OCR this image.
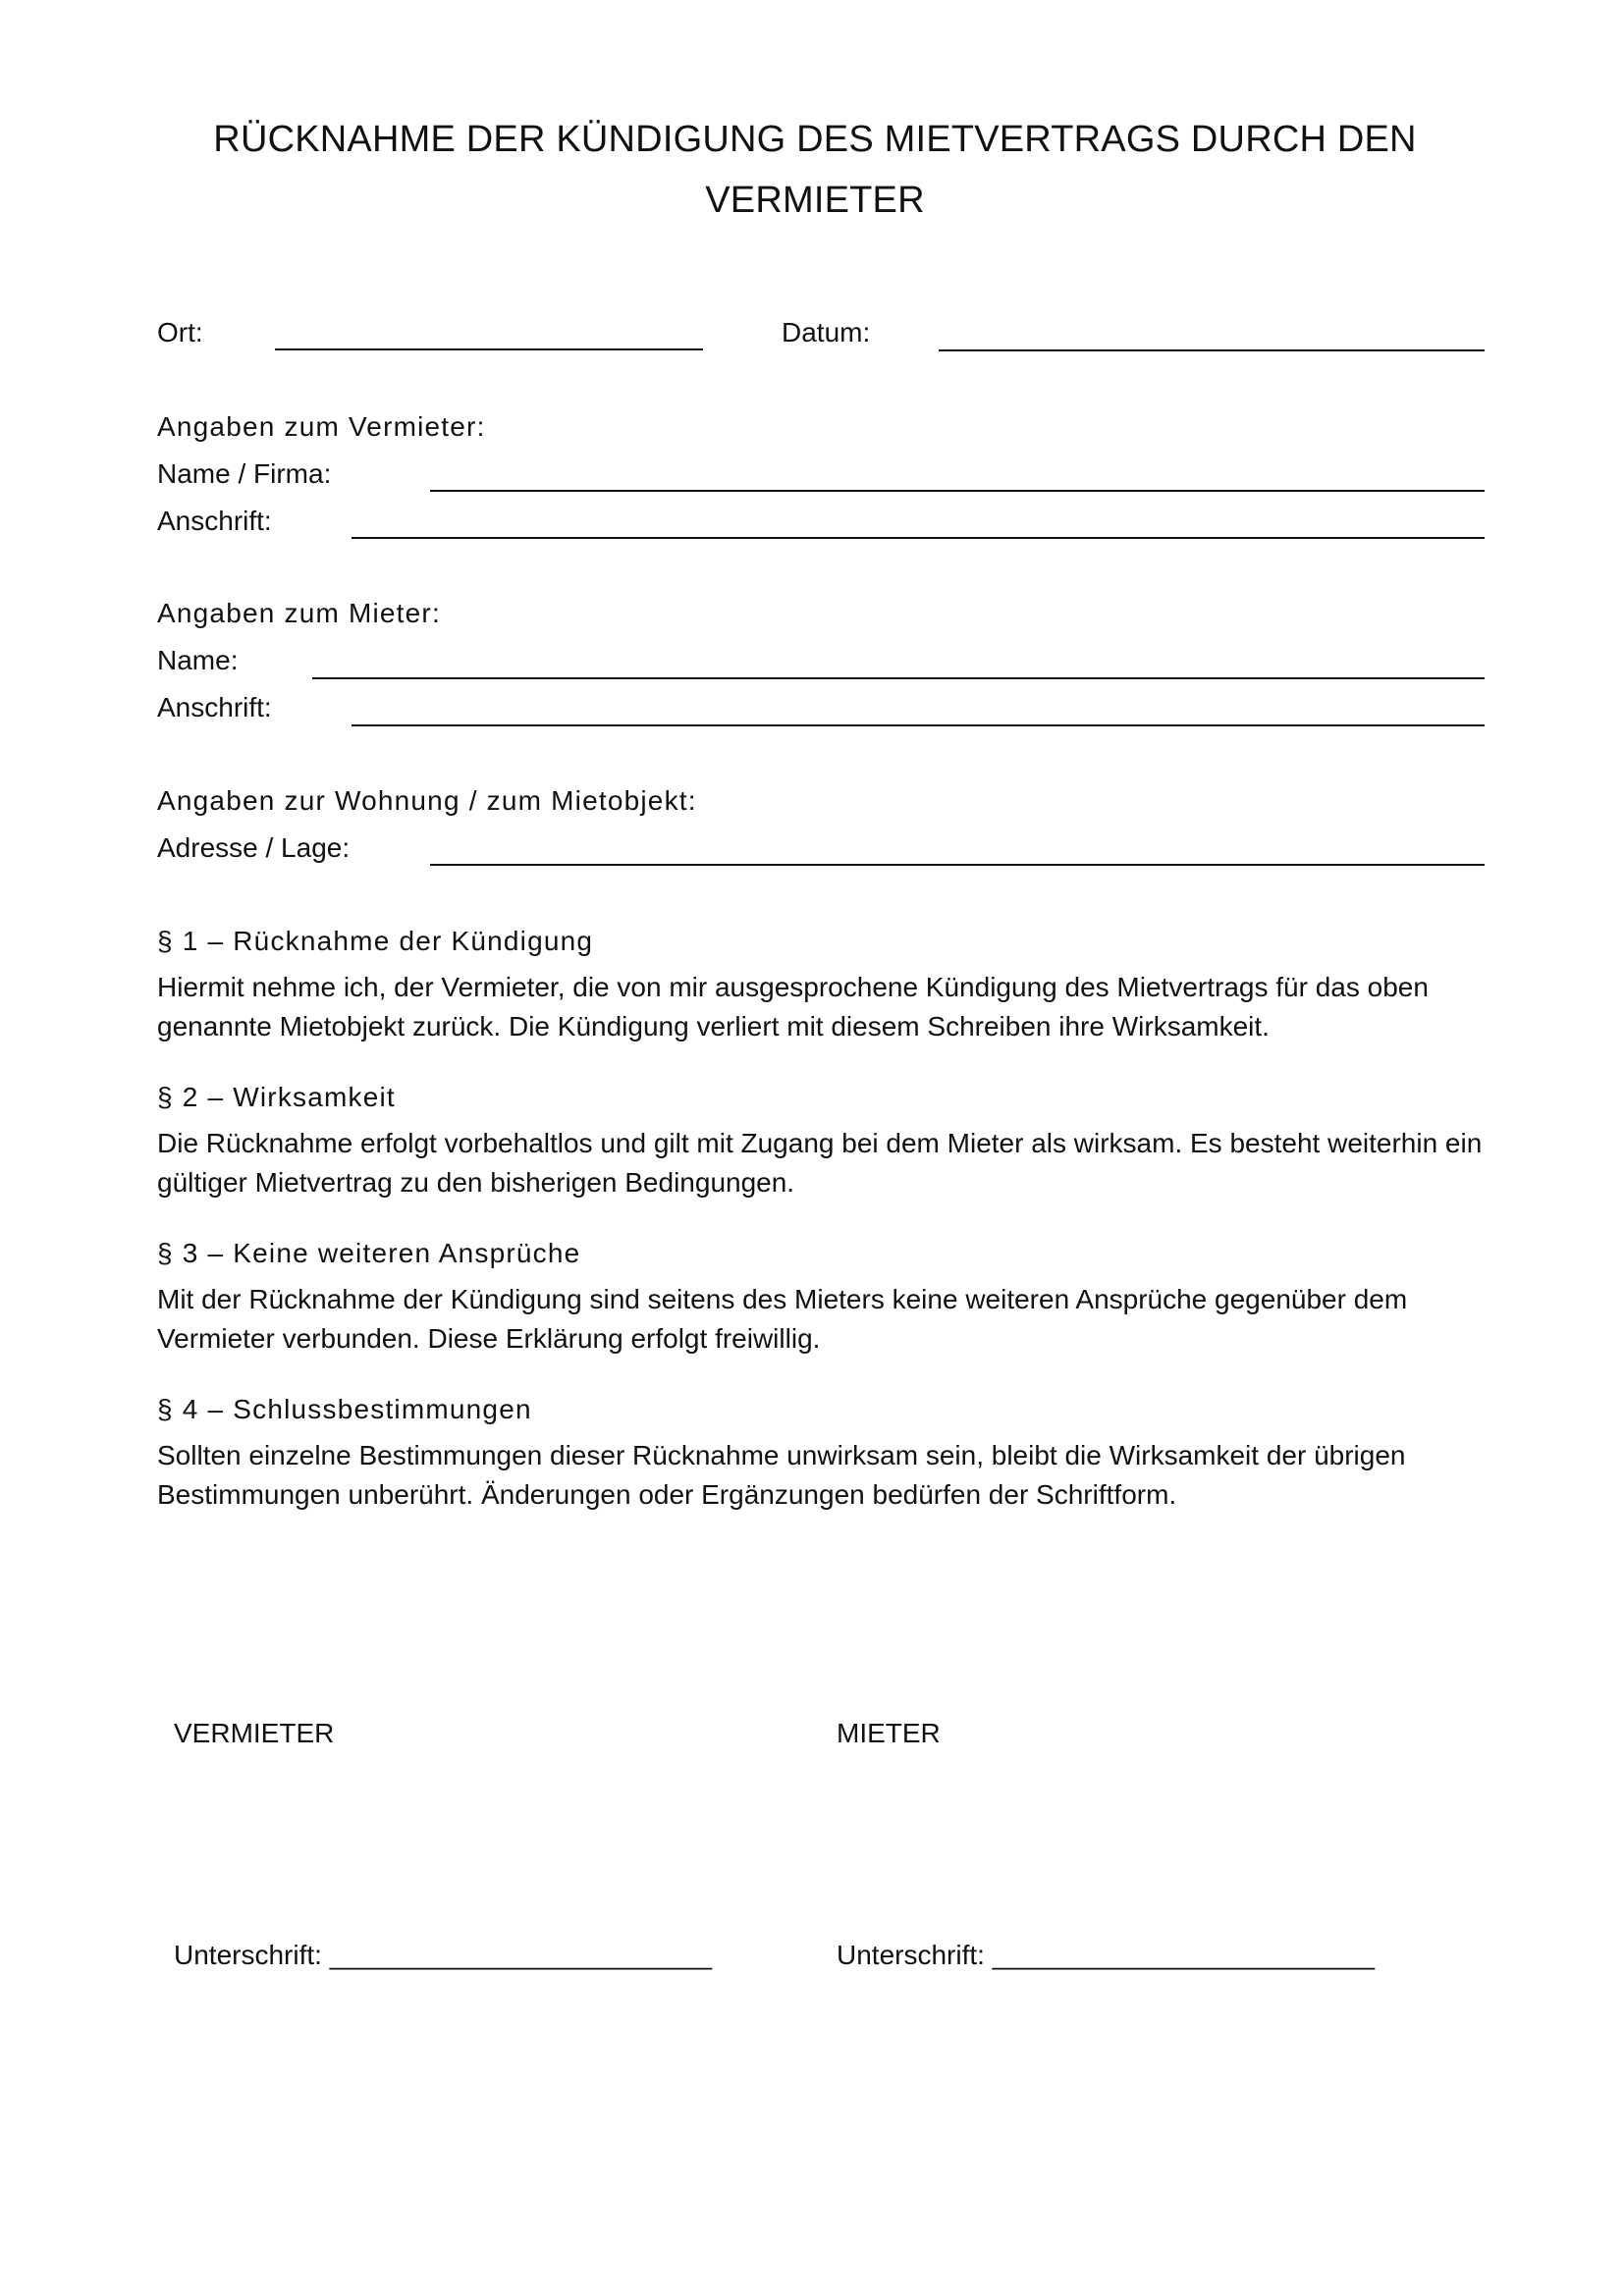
RÜCKNAHME DER KÜNDIGUNG DES MIETVERTRAGS DURCH DEN
VERMIETER
Ort:	Datum:
Angaben zum Vermieter:
Name / Firma:
Anschrift:
Angaben zum Mieter:
Name:
Anschrift:
Angaben zur Wohnung / zum Mietobjekt:
Adresse / Lage:
§ 1 – Rücknahme der Kündigung

Hiermit nehme ich, der Vermieter, die von mir ausgesprochene Kündigung des Mietvertrags für das oben genannte Mietobjekt zurück. Die Kündigung verliert mit diesem Schreiben ihre Wirksamkeit.

§ 2 – Wirksamkeit

Die Rücknahme erfolgt vorbehaltlos und gilt mit Zugang bei dem Mieter als wirksam. Es besteht weiterhin ein gültiger Mietvertrag zu den bisherigen Bedingungen.

§ 3 – Keine weiteren Ansprüche

Mit der Rücknahme der Kündigung sind seitens des Mieters keine weiteren Ansprüche gegenüber dem Vermieter verbunden. Diese Erklärung erfolgt freiwillig.

§ 4 – Schlussbestimmungen

Sollten einzelne Bestimmungen dieser Rücknahme unwirksam sein, bleibt die Wirksamkeit der übrigen Bestimmungen unberührt. Änderungen oder Ergänzungen bedürfen der Schriftform.

VERMIETER	MIETER
Unterschrift: _________________________	Unterschrift: _________________________
